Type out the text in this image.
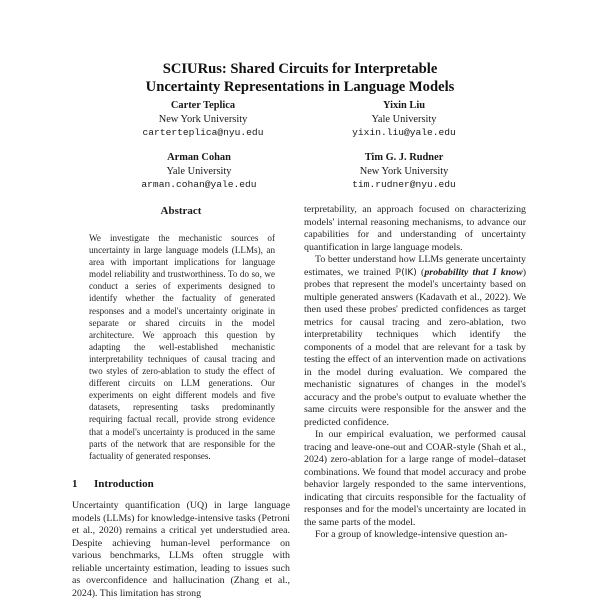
SCIURus: Shared Circuits for Interpretable
Uncertainty Representations in Language Models
Carter Teplica
New York University
carterteplica@nyu.edu
Yixin Liu
Yale University
yixin.liu@yale.edu
Arman Cohan
Yale University
arman.cohan@yale.edu
Tim G. J. Rudner
New York University
tim.rudner@nyu.edu
Abstract
We investigate the mechanistic sources of uncertainty in large language models (LLMs), an area with important implications for language model reliability and trustworthiness. To do so, we conduct a series of experiments designed to identify whether the factuality of generated responses and a model's uncertainty originate in separate or shared circuits in the model architecture. We approach this question by adapting the well-established mechanistic interpretability techniques of causal tracing and two styles of zero-ablation to study the effect of different circuits on LLM generations. Our experiments on eight different models and five datasets, representing tasks predominantly requiring factual recall, provide strong evidence that a model's uncertainty is produced in the same parts of the network that are responsible for the factuality of generated responses.
1 Introduction
Uncertainty quantification (UQ) in large language models (LLMs) for knowledge-intensive tasks (Petroni et al., 2020) remains a critical yet understudied area. Despite achieving human-level performance on various benchmarks, LLMs often struggle with reliable uncertainty estimation, leading to issues such as overconfidence and hallucination (Zhang et al., 2024). This limitation has strong

terpretability, an approach focused on characterizing models' internal reasoning mechanisms, to advance our capabilities for and understanding of uncertainty quantification in large language models.

To better understand how LLMs generate uncertainty estimates, we trained ℙ(IK) (probability that I know) probes that represent the model's uncertainty based on multiple generated answers (Kadavath et al., 2022). We then used these probes' predicted confidences as target metrics for causal tracing and zero-ablation, two interpretability techniques which identify the components of a model that are relevant for a task by testing the effect of an intervention made on activations in the model during evaluation. We compared the mechanistic signatures of changes in the model's accuracy and the probe's output to evaluate whether the same circuits were responsible for the answer and the predicted confidence.

In our empirical evaluation, we performed causal tracing and leave-one-out and COAR-style (Shah et al., 2024) zero-ablation for a large range of model–dataset combinations. We found that model accuracy and probe behavior largely responded to the same interventions, indicating that circuits responsible for the factuality of responses and for the model's uncertainty are located in the same parts of the model.

For a group of knowledge-intensive question an-
